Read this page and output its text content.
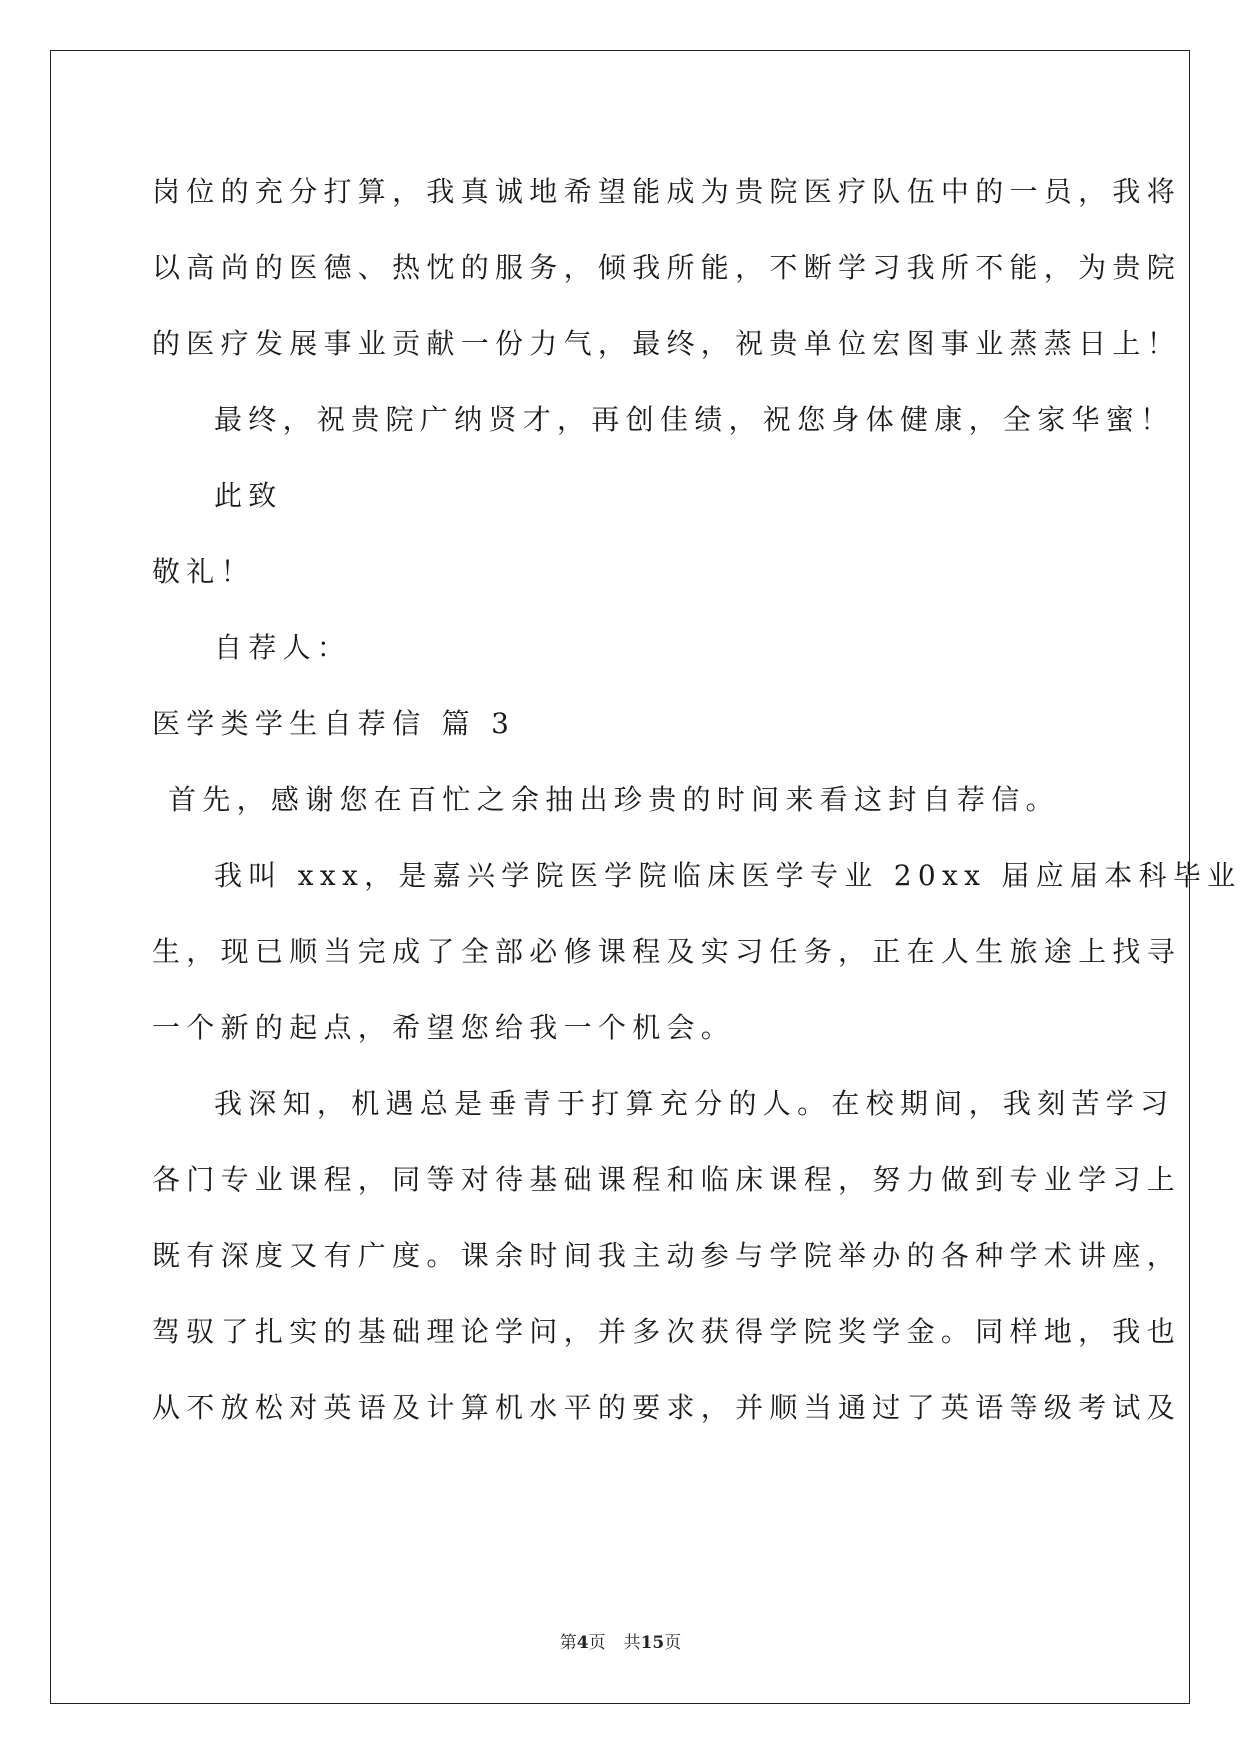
岗位的充分打算，我真诚地希望能成为贵院医疗队伍中的一员，我将
以高尚的医德、热忱的服务，倾我所能，不断学习我所不能，为贵院
的医疗发展事业贡献一份力气，最终，祝贵单位宏图事业蒸蒸日上！
最终，祝贵院广纳贤才，再创佳绩，祝您身体健康，全家华蜜！
此致
敬礼！
自荐人：
医学类学生自荐信 篇 3
首先，感谢您在百忙之余抽出珍贵的时间来看这封自荐信。
我叫 xxx，是嘉兴学院医学院临床医学专业 20xx 届应届本科毕业
生，现已顺当完成了全部必修课程及实习任务，正在人生旅途上找寻
一个新的起点，希望您给我一个机会。
我深知，机遇总是垂青于打算充分的人。在校期间，我刻苦学习
各门专业课程，同等对待基础课程和临床课程，努力做到专业学习上
既有深度又有广度。课余时间我主动参与学院举办的各种学术讲座，
驾驭了扎实的基础理论学问，并多次获得学院奖学金。同样地，我也
从不放松对英语及计算机水平的要求，并顺当通过了英语等级考试及
第4页 共15页
